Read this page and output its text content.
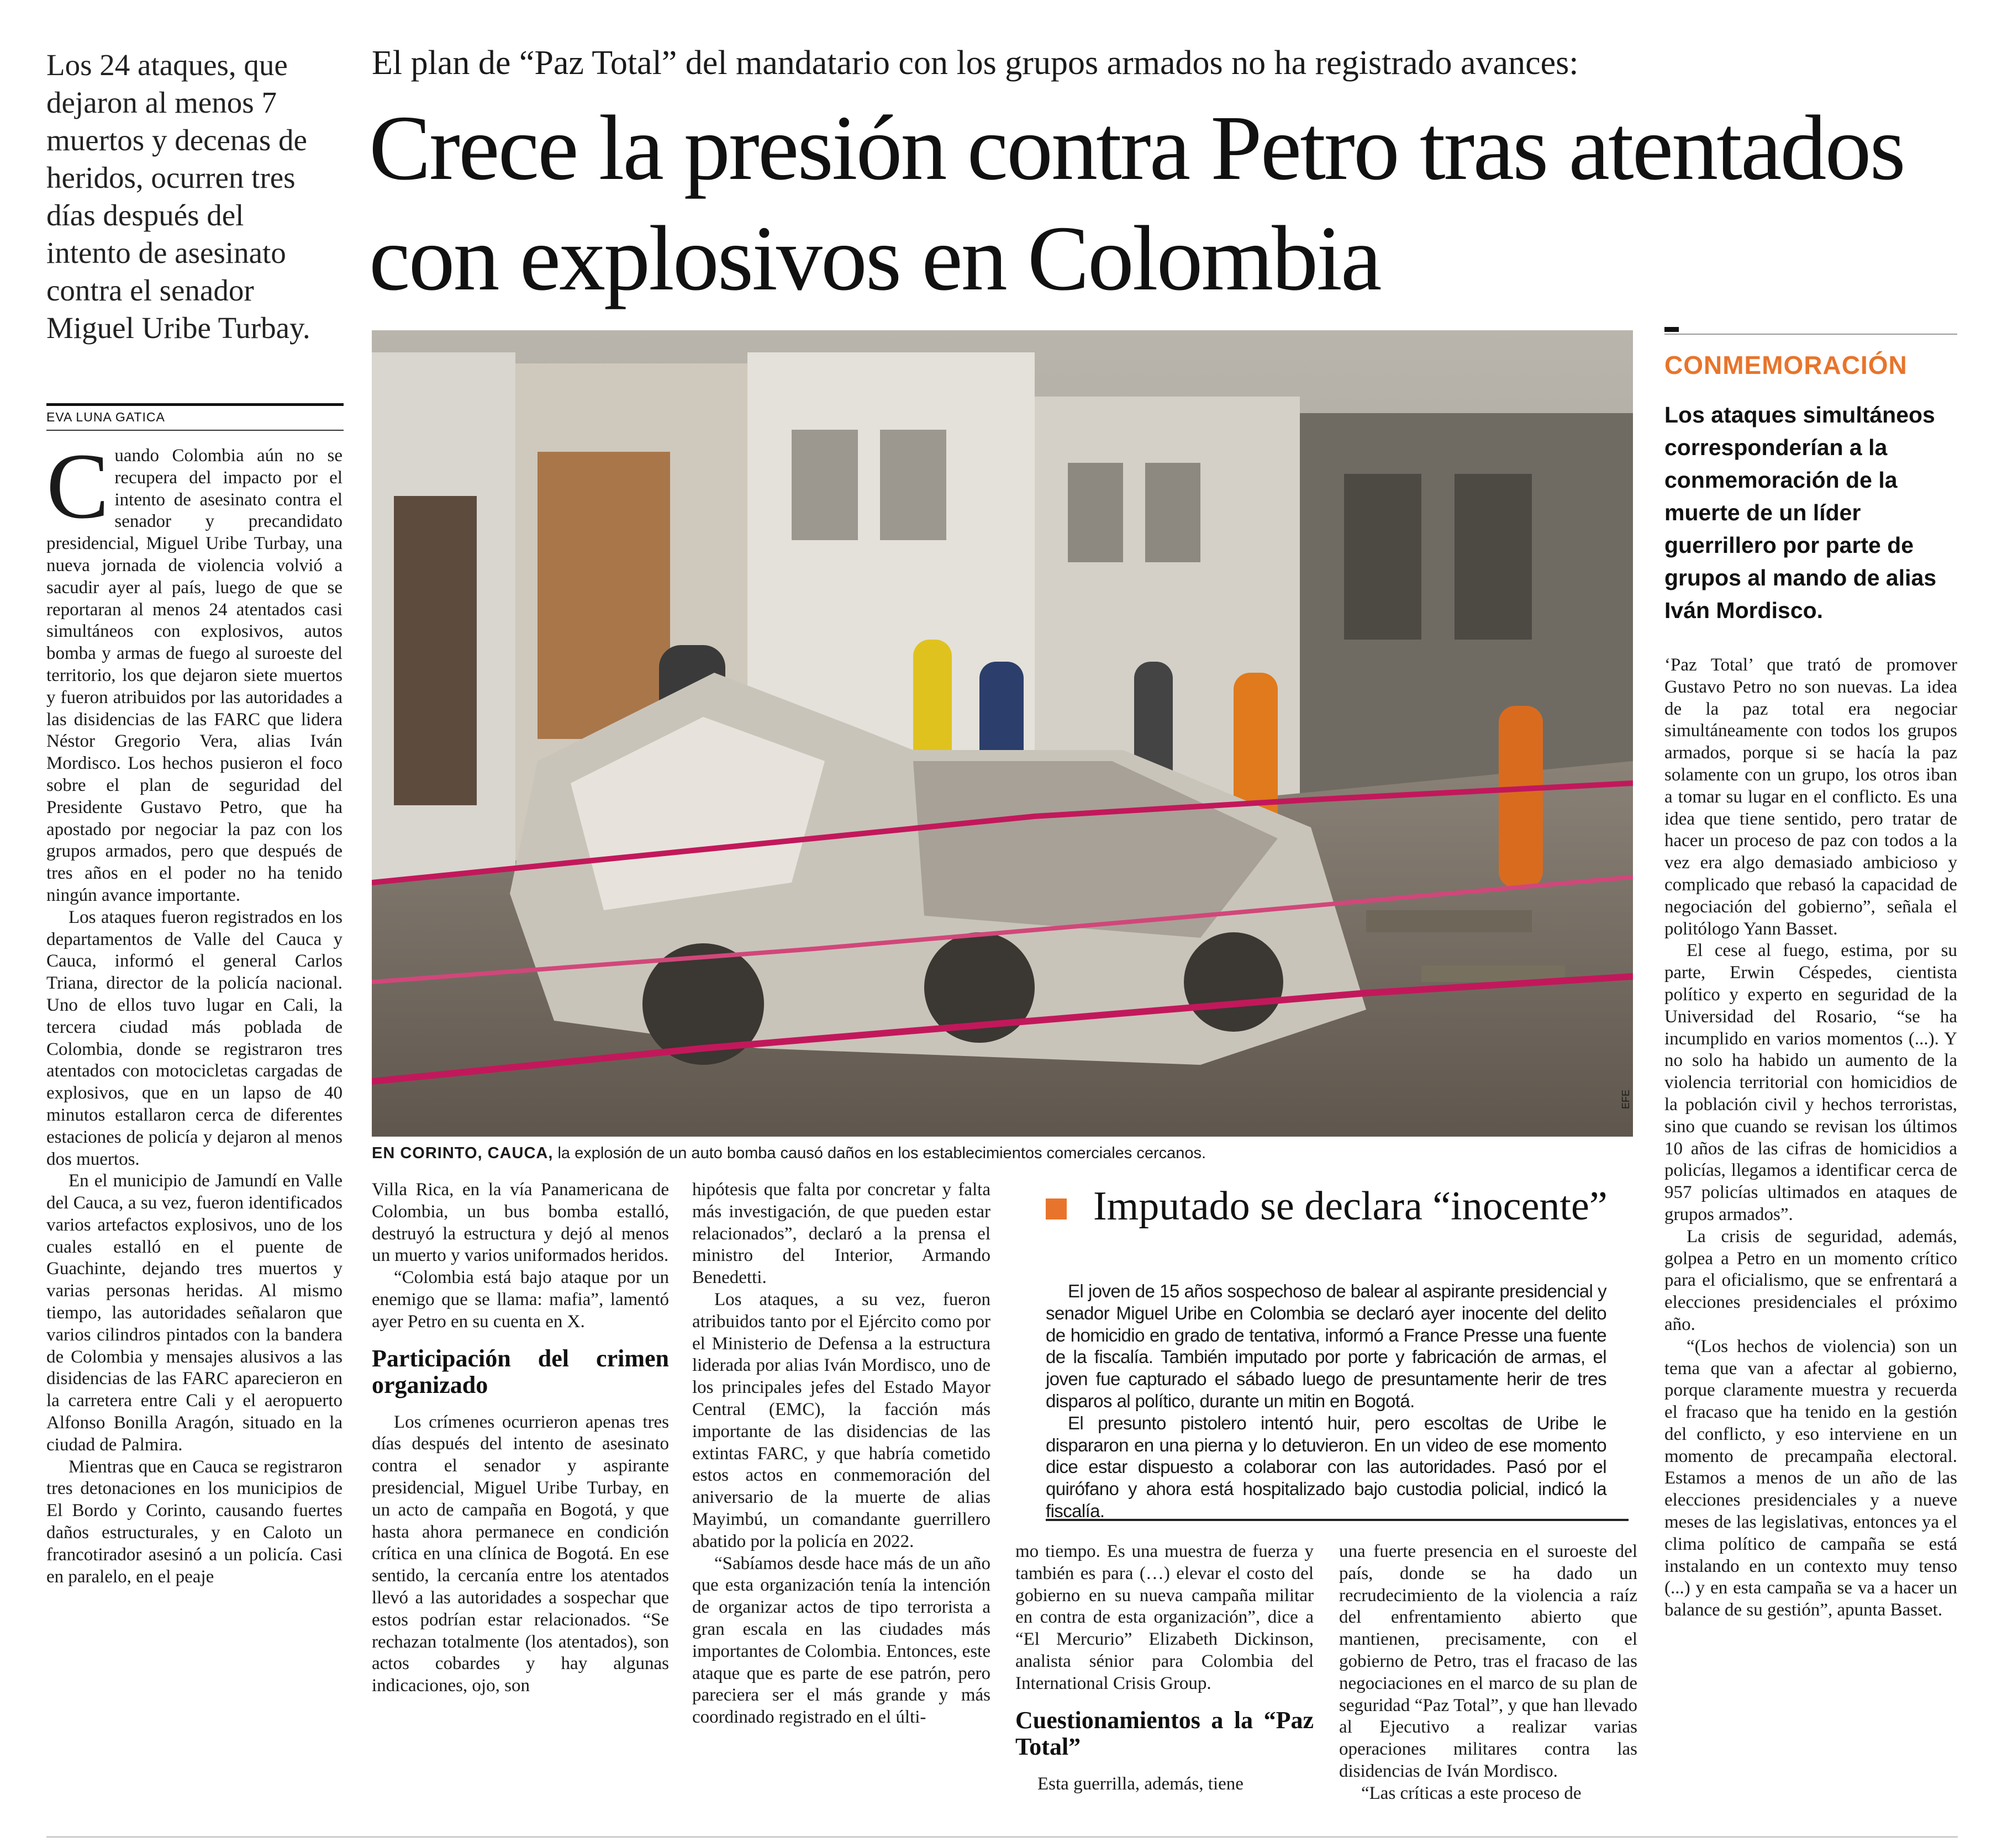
Los 24 ataques, que dejaron al menos 7 muertos y decenas de heridos, ocurren tres días después del intento de asesinato contra el senador Miguel Uribe Turbay.
EVA LUNA GATICA
El plan de “Paz Total” del mandatario con los grupos armados no ha registrado avances:
Crece la presión contra Petro tras atentados con explosivos en Colombia

Cuando Colombia aún no se recupera del impacto por el intento de asesinato contra el senador y precandidato presidencial, Miguel Uribe Turbay, una nueva jornada de violencia volvió a sacudir ayer al país, luego de que se reportaran al menos 24 atentados casi simultáneos con explosivos, autos bomba y armas de fuego al suroeste del territorio, los que dejaron siete muertos y fueron atribuidos por las autoridades a las disidencias de las FARC que lidera Néstor Gregorio Vera, alias Iván Mordisco. Los hechos pusieron el foco sobre el plan de seguridad del Presidente Gustavo Petro, que ha apostado por negociar la paz con los grupos armados, pero que después de tres años en el poder no ha tenido ningún avance importante.

Los ataques fueron registrados en los departamentos de Valle del Cauca y Cauca, informó el general Carlos Triana, director de la policía nacional. Uno de ellos tuvo lugar en Cali, la tercera ciudad más poblada de Colombia, donde se registraron tres atentados con motocicletas cargadas de explosivos, que en un lapso de 40 minutos estallaron cerca de diferentes estaciones de policía y dejaron al menos dos muertos.

En el municipio de Jamundí en Valle del Cauca, a su vez, fueron identificados varios artefactos explosivos, uno de los cuales estalló en el puente de Guachinte, dejando tres muertos y varias personas heridas. Al mismo tiempo, las autoridades señalaron que varios cilindros pintados con la bandera de Colombia y mensajes alusivos a las disidencias de las FARC aparecieron en la carretera entre Cali y el aeropuerto Alfonso Bonilla Aragón, situado en la ciudad de Palmira.

Mientras que en Cauca se registraron tres detonaciones en los municipios de El Bordo y Corinto, causando fuertes daños estructurales, y en Caloto un francotirador asesinó a un policía. Casi en paralelo, en el peaje

EFE
EN CORINTO, CAUCA, la explosión de un auto bomba causó daños en los establecimientos comerciales cercanos.

Villa Rica, en la vía Panamericana de Colombia, un bus bomba estalló, destruyó la estructura y dejó al menos un muerto y varios uniformados heridos.

“Colombia está bajo ataque por un enemigo que se llama: mafia”, lamentó ayer Petro en su cuenta en X.

Participación del crimen organizado

Los crímenes ocurrieron apenas tres días después del intento de asesinato contra el senador y aspirante presidencial, Miguel Uribe Turbay, en un acto de campaña en Bogotá, y que hasta ahora permanece en condición crítica en una clínica de Bogotá. En ese sentido, la cercanía entre los atentados llevó a las autoridades a sospechar que estos podrían estar relacionados. “Se rechazan totalmente (los atentados), son actos cobardes y hay algunas indicaciones, ojo, son

hipótesis que falta por concretar y falta más investigación, de que pueden estar relacionados”, declaró a la prensa el ministro del Interior, Armando Benedetti.

Los ataques, a su vez, fueron atribuidos tanto por el Ejército como por el Ministerio de Defensa a la estructura liderada por alias Iván Mordisco, uno de los principales jefes del Estado Mayor Central (EMC), la facción más importante de las disidencias de las extintas FARC, y que habría cometido estos actos en conmemoración del aniversario de la muerte de alias Mayimbú, un comandante guerrillero abatido por la policía en 2022.

“Sabíamos desde hace más de un año que esta organización tenía la intención de organizar actos de tipo terrorista a gran escala en las ciudades más importantes de Colombia. Entonces, este ataque que es parte de ese patrón, pero pareciera ser el más grande y más coordinado registrado en el últi-

Imputado se declara “inocente”

El joven de 15 años sospechoso de balear al aspirante presidencial y senador Miguel Uribe en Colombia se declaró ayer inocente del delito de homicidio en grado de tentativa, informó a France Presse una fuente de la fiscalía. También imputado por porte y fabricación de armas, el joven fue capturado el sábado luego de presuntamente herir de tres disparos al político, durante un mitin en Bogotá.

El presunto pistolero intentó huir, pero escoltas de Uribe le dispararon en una pierna y lo detuvieron. En un video de ese momento dice estar dispuesto a colaborar con las autoridades. Pasó por el quirófano y ahora está hospitalizado bajo custodia policial, indicó la fiscalía.

mo tiempo. Es una muestra de fuerza y también es para (…) elevar el costo del gobierno en su nueva campaña militar en contra de esta organización”, dice a “El Mercurio” Elizabeth Dickinson, analista sénior para Colombia del International Crisis Group.

Cuestionamientos a la “Paz Total”

Esta guerrilla, además, tiene

una fuerte presencia en el suroeste del país, donde se ha dado un recrudecimiento de la violencia a raíz del enfrentamiento abierto que mantienen, precisamente, con el gobierno de Petro, tras el fracaso de las negociaciones en el marco de su plan de seguridad “Paz Total”, y que han llevado al Ejecutivo a realizar varias operaciones militares contra las disidencias de Iván Mordisco.

“Las críticas a este proceso de

CONMEMORACIÓN
Los ataques simultáneos corresponderían a la conmemoración de la muerte de un líder guerrillero por parte de grupos al mando de alias Iván Mordisco.

‘Paz Total’ que trató de promover Gustavo Petro no son nuevas. La idea de la paz total era negociar simultáneamente con todos los grupos armados, porque si se hacía la paz solamente con un grupo, los otros iban a tomar su lugar en el conflicto. Es una idea que tiene sentido, pero tratar de hacer un proceso de paz con todos a la vez era algo demasiado ambicioso y complicado que rebasó la capacidad de negociación del gobierno”, señala el politólogo Yann Basset.

El cese al fuego, estima, por su parte, Erwin Céspedes, cientista político y experto en seguridad de la Universidad del Rosario, “se ha incumplido en varios momentos (...). Y no solo ha habido un aumento de la violencia territorial con homicidios de la población civil y hechos terroristas, sino que cuando se revisan los últimos 10 años de las cifras de homicidios a policías, llegamos a identificar cerca de 957 policías ultimados en ataques de grupos armados”.

La crisis de seguridad, además, golpea a Petro en un momento crítico para el oficialismo, que se enfrentará a elecciones presidenciales el próximo año.

“(Los hechos de violencia) son un tema que van a afectar al gobierno, porque claramente muestra y recuerda el fracaso que ha tenido en la gestión del conflicto, y eso interviene en un momento de precampaña electoral. Estamos a menos de un año de las elecciones presidenciales y a nueve meses de las legislativas, entonces ya el clima político de campaña se está instalando en un contexto muy tenso (...) y en esta campaña se va a hacer un balance de su gestión”, apunta Basset.
